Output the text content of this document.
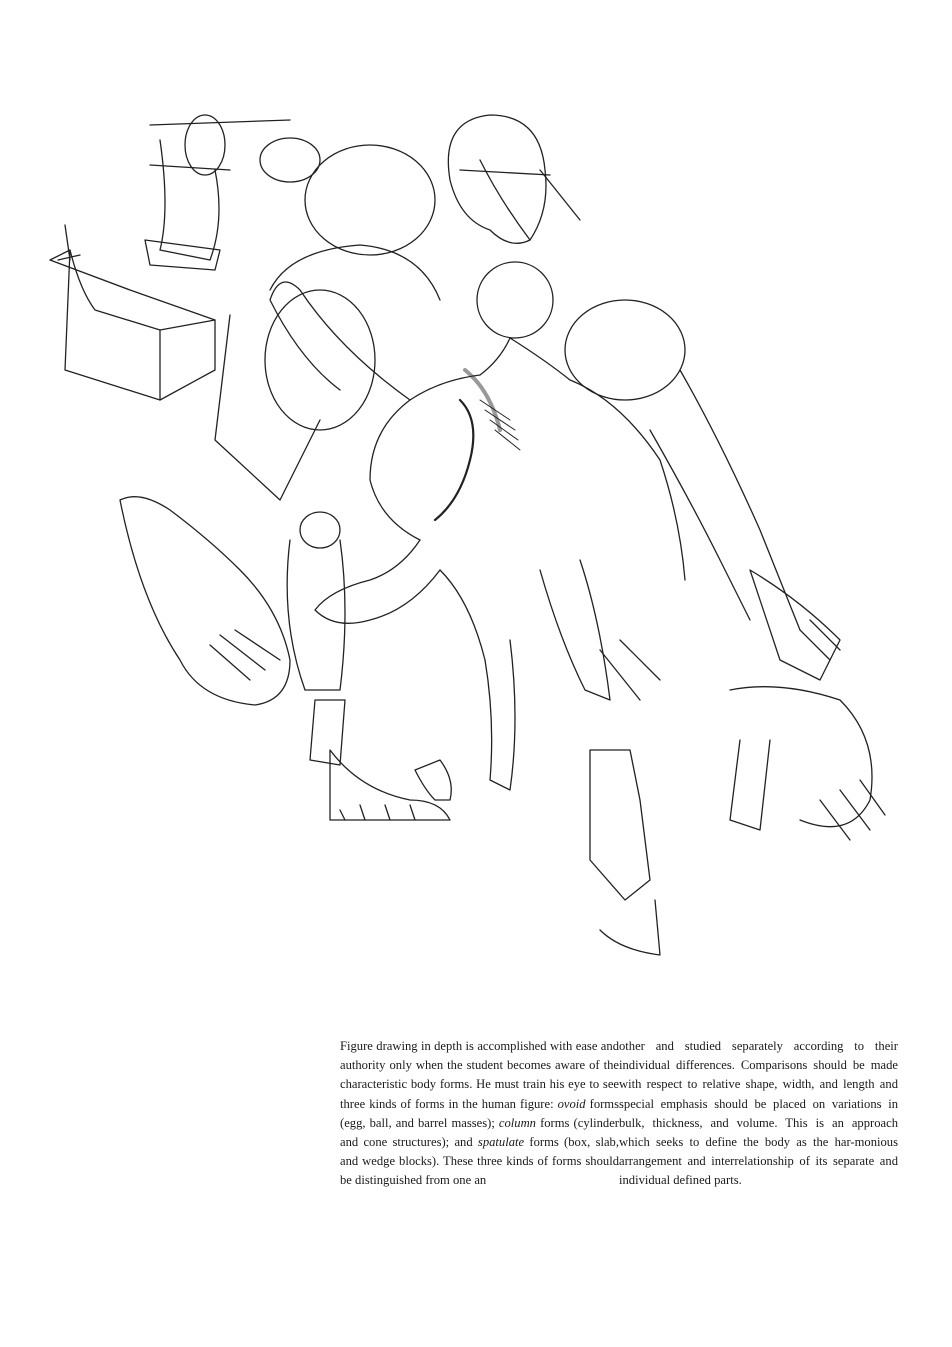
Figure drawing in depth is accomplished with ease and authority only when the student becomes aware of the characteristic body forms. He must train his eye to see three kinds of forms in the human figure: ovoid forms (egg, ball, and barrel masses); column forms (cylinder and cone structures); and spatulate forms (box, slab, and wedge blocks). These three kinds of forms should be distinguished from one an

other and studied separately according to their individual differences. Comparisons should be made with respect to relative shape, width, and length and special emphasis should be placed on variations in bulk, thickness, and volume. This is an approach which seeks to define the body as the har-monious arrangement and interrelationship of its separate and individual defined parts.
